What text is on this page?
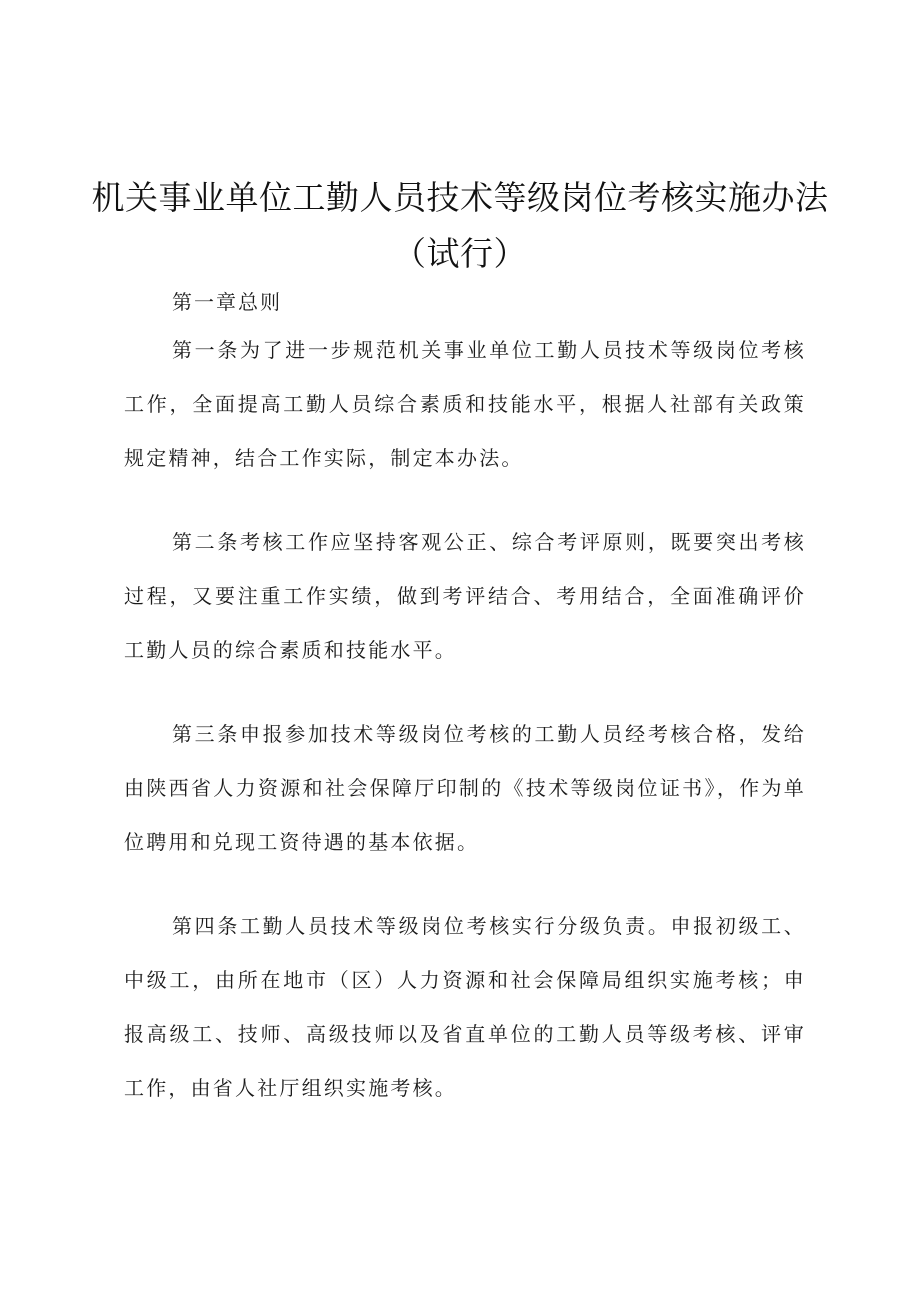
机关事业单位工勤人员技术等级岗位考核实施办法
（试行）
第一章总则

第一条为了进一步规范机关事业单位工勤人员技术等级岗位考核工作，全面提高工勤人员综合素质和技能水平，根据人社部有关政策规定精神，结合工作实际，制定本办法。

第二条考核工作应坚持客观公正、综合考评原则，既要突出考核过程，又要注重工作实绩，做到考评结合、考用结合，全面准确评价工勤人员的综合素质和技能水平。

第三条申报参加技术等级岗位考核的工勤人员经考核合格，发给由陕西省人力资源和社会保障厅印制的《技术等级岗位证书》，作为单位聘用和兑现工资待遇的基本依据。

第四条工勤人员技术等级岗位考核实行分级负责。申报初级工、中级工，由所在地市（区）人力资源和社会保障局组织实施考核；申报高级工、技师、高级技师以及省直单位的工勤人员等级考核、评审工作，由省人社厅组织实施考核。
